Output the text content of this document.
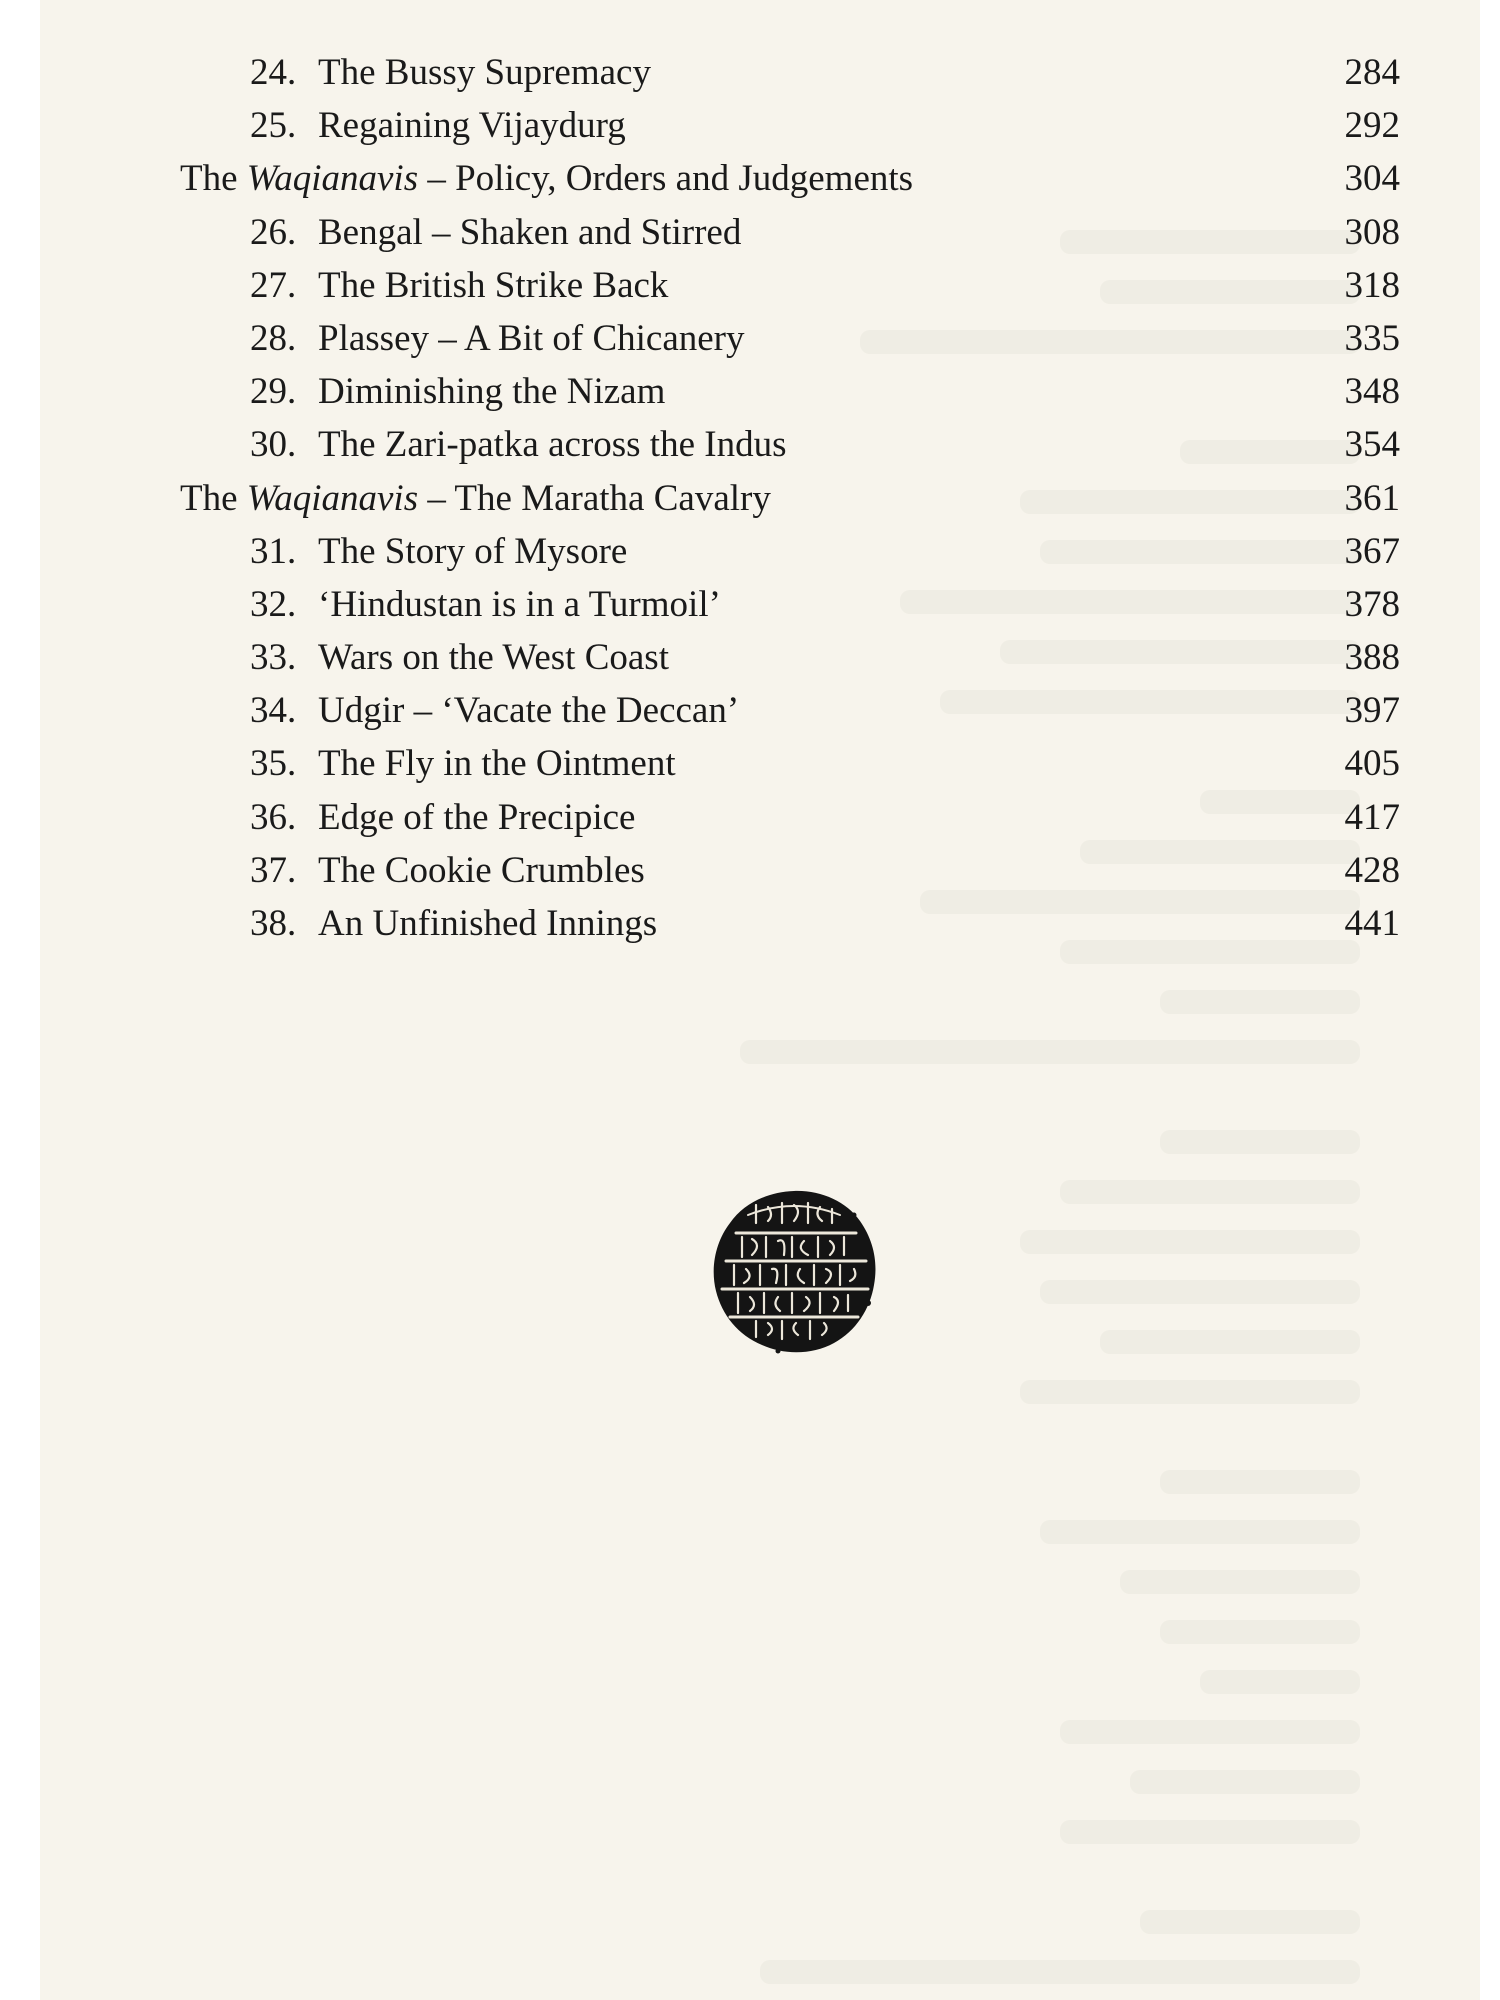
24. The Bussy Supremacy	284
25. Regaining Vijaydurg	292
The Waqianavis – Policy, Orders and Judgements	304
26. Bengal – Shaken and Stirred	308
27. The British Strike Back	318
28. Plassey – A Bit of Chicanery	335
29. Diminishing the Nizam	348
30. The Zari-patka across the Indus	354
The Waqianavis – The Maratha Cavalry	361
31. The Story of Mysore	367
32. ‘Hindustan is in a Turmoil’	378
33. Wars on the West Coast	388
34. Udgir – ‘Vacate the Deccan’	397
35. The Fly in the Ointment	405
36. Edge of the Precipice	417
37. The Cookie Crumbles	428
38. An Unfinished Innings	441
